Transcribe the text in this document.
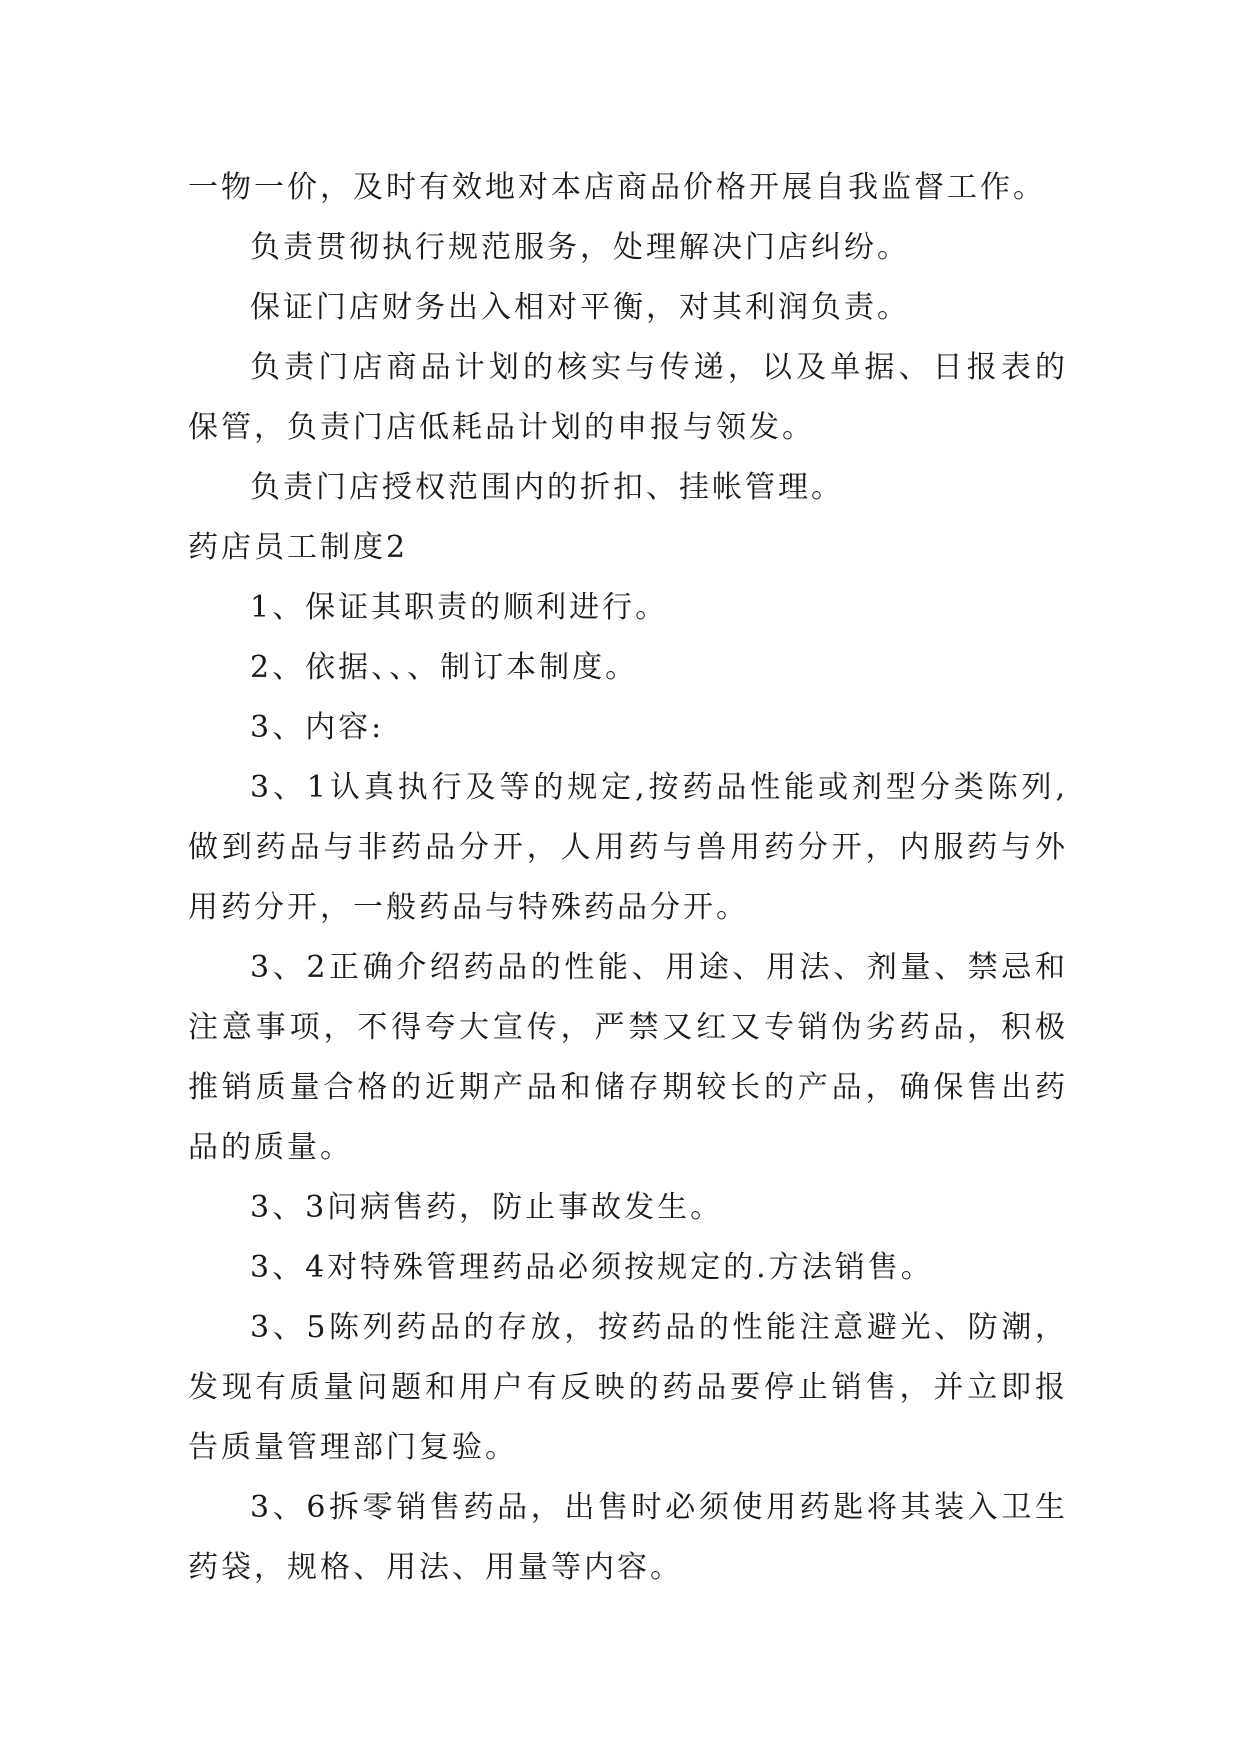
一物一价，及时有效地对本店商品价格开展自我监督工作。

负责贯彻执行规范服务，处理解决门店纠纷。

保证门店财务出入相对平衡，对其利润负责。

负责门店商品计划的核实与传递，以及单据、日报表的保管，负责门店低耗品计划的申报与领发。

负责门店授权范围内的折扣、挂帐管理。

药店员工制度2

1、保证其职责的顺利进行。

2、依据、、、制订本制度。

3、内容:

3、1认真执行及等的规定,按药品性能或剂型分类陈列,做到药品与非药品分开，人用药与兽用药分开，内服药与外用药分开，一般药品与特殊药品分开。

3、2正确介绍药品的性能、用途、用法、剂量、禁忌和注意事项，不得夸大宣传，严禁又红又专销伪劣药品，积极推销质量合格的近期产品和储存期较长的产品，确保售出药品的质量。

3、3问病售药，防止事故发生。

3、4对特殊管理药品必须按规定的.方法销售。

3、5陈列药品的存放，按药品的性能注意避光、防潮，发现有质量问题和用户有反映的药品要停止销售，并立即报告质量管理部门复验。

3、6拆零销售药品，出售时必须使用药匙将其装入卫生药袋，规格、用法、用量等内容。
